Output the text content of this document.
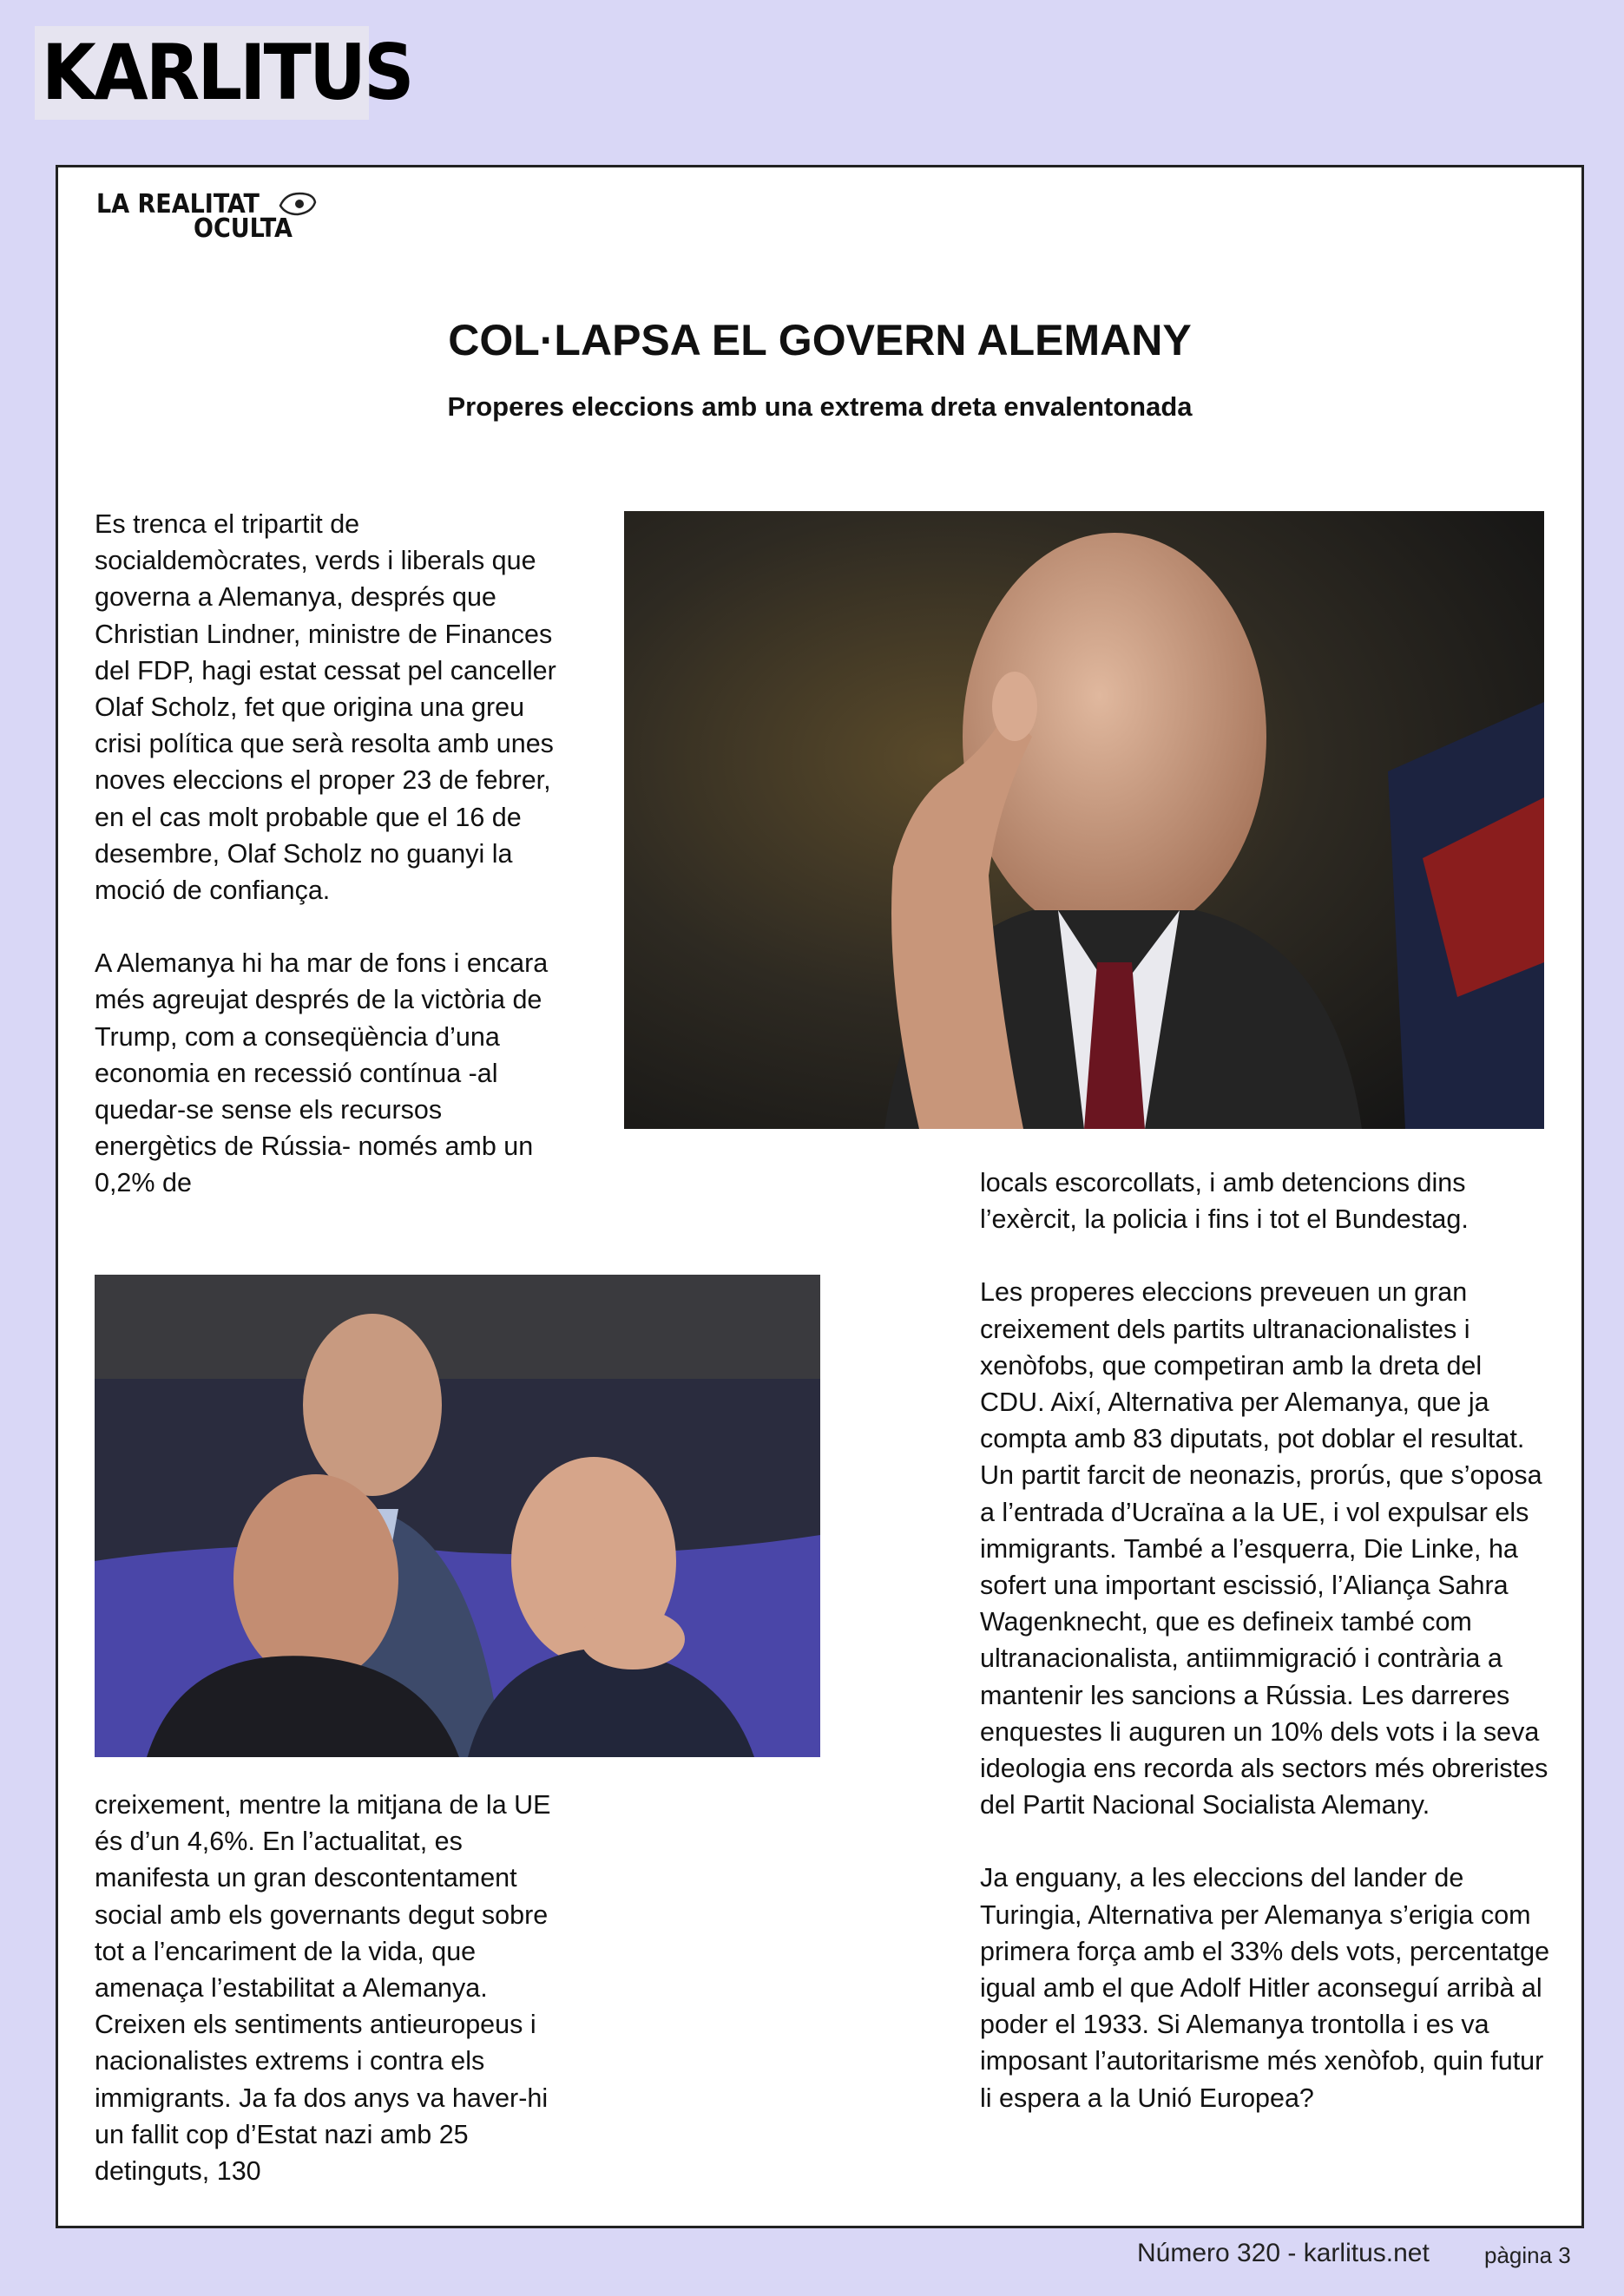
KARLITUS
LA REALITAT
OCULTA
COL·LAPSA EL GOVERN ALEMANY
Properes eleccions amb una extrema dreta envalentonada

Es trenca el tripartit de socialdemòcrates, verds i liberals que governa a Alemanya, després que Christian Lindner, ministre de Finances del FDP, hagi estat cessat pel canceller Olaf Scholz, fet que origina una greu crisi política que serà resolta amb unes noves eleccions el proper 23 de febrer, en el cas molt probable que el 16 de desembre, Olaf Scholz no guanyi la moció de confiança.

A Alemanya hi ha mar de fons i encara més agreujat després de la victòria de Trump, com a conseqüència d’una economia en recessió contínua -al quedar-se sense els recursos energètics de Rússia- només amb un 0,2% de	locals escorcollats, i amb detencions dins l’exèrcit, la policia i fins i tot el Bundestag.

Les properes eleccions preveuen un gran creixement dels partits ultranacionalistes i xenòfobs, que competiran amb la dreta del CDU. Així, Alternativa per Alemanya, que ja compta amb 83 diputats, pot doblar el resultat. Un partit farcit de neonazis, prorús, que s’oposa a l’entrada d’Ucraïna a la UE, i vol expulsar els immigrants. També a l’esquerra, Die Linke, ha sofert una important escissió, l’Aliança Sahra Wagenknecht, que es defineix també com ultranacionalista, antiimmigració i contrària a mantenir les sancions a Rússia. Les darreres enquestes li auguren un 10% dels vots i la seva ideologia ens recorda als sectors més obreristes del Partit Nacional Socialista Alemany.

Ja enguany, a les eleccions del lander de Turingia, Alternativa per Alemanya s’erigia com primera força amb el 33% dels vots, percentatge igual amb el que Adolf Hitler aconseguí arribà al poder el 1933. Si Alemanya trontolla i es va imposant l’autoritarisme més xenòfob, quin futur li espera a la Unió Europea?

creixement, mentre la mitjana de la UE és d’un 4,6%. En l’actualitat, es manifesta un gran descontentament social amb els governants degut sobre tot a l’encariment de la vida, que amenaça l’estabilitat a Alemanya. Creixen els sentiments antieuropeus i nacionalistes extrems i contra els immigrants. Ja fa dos anys va haver-hi un fallit cop d’Estat nazi amb 25 detinguts, 130

Número 320 - karlitus.net pàgina 3
